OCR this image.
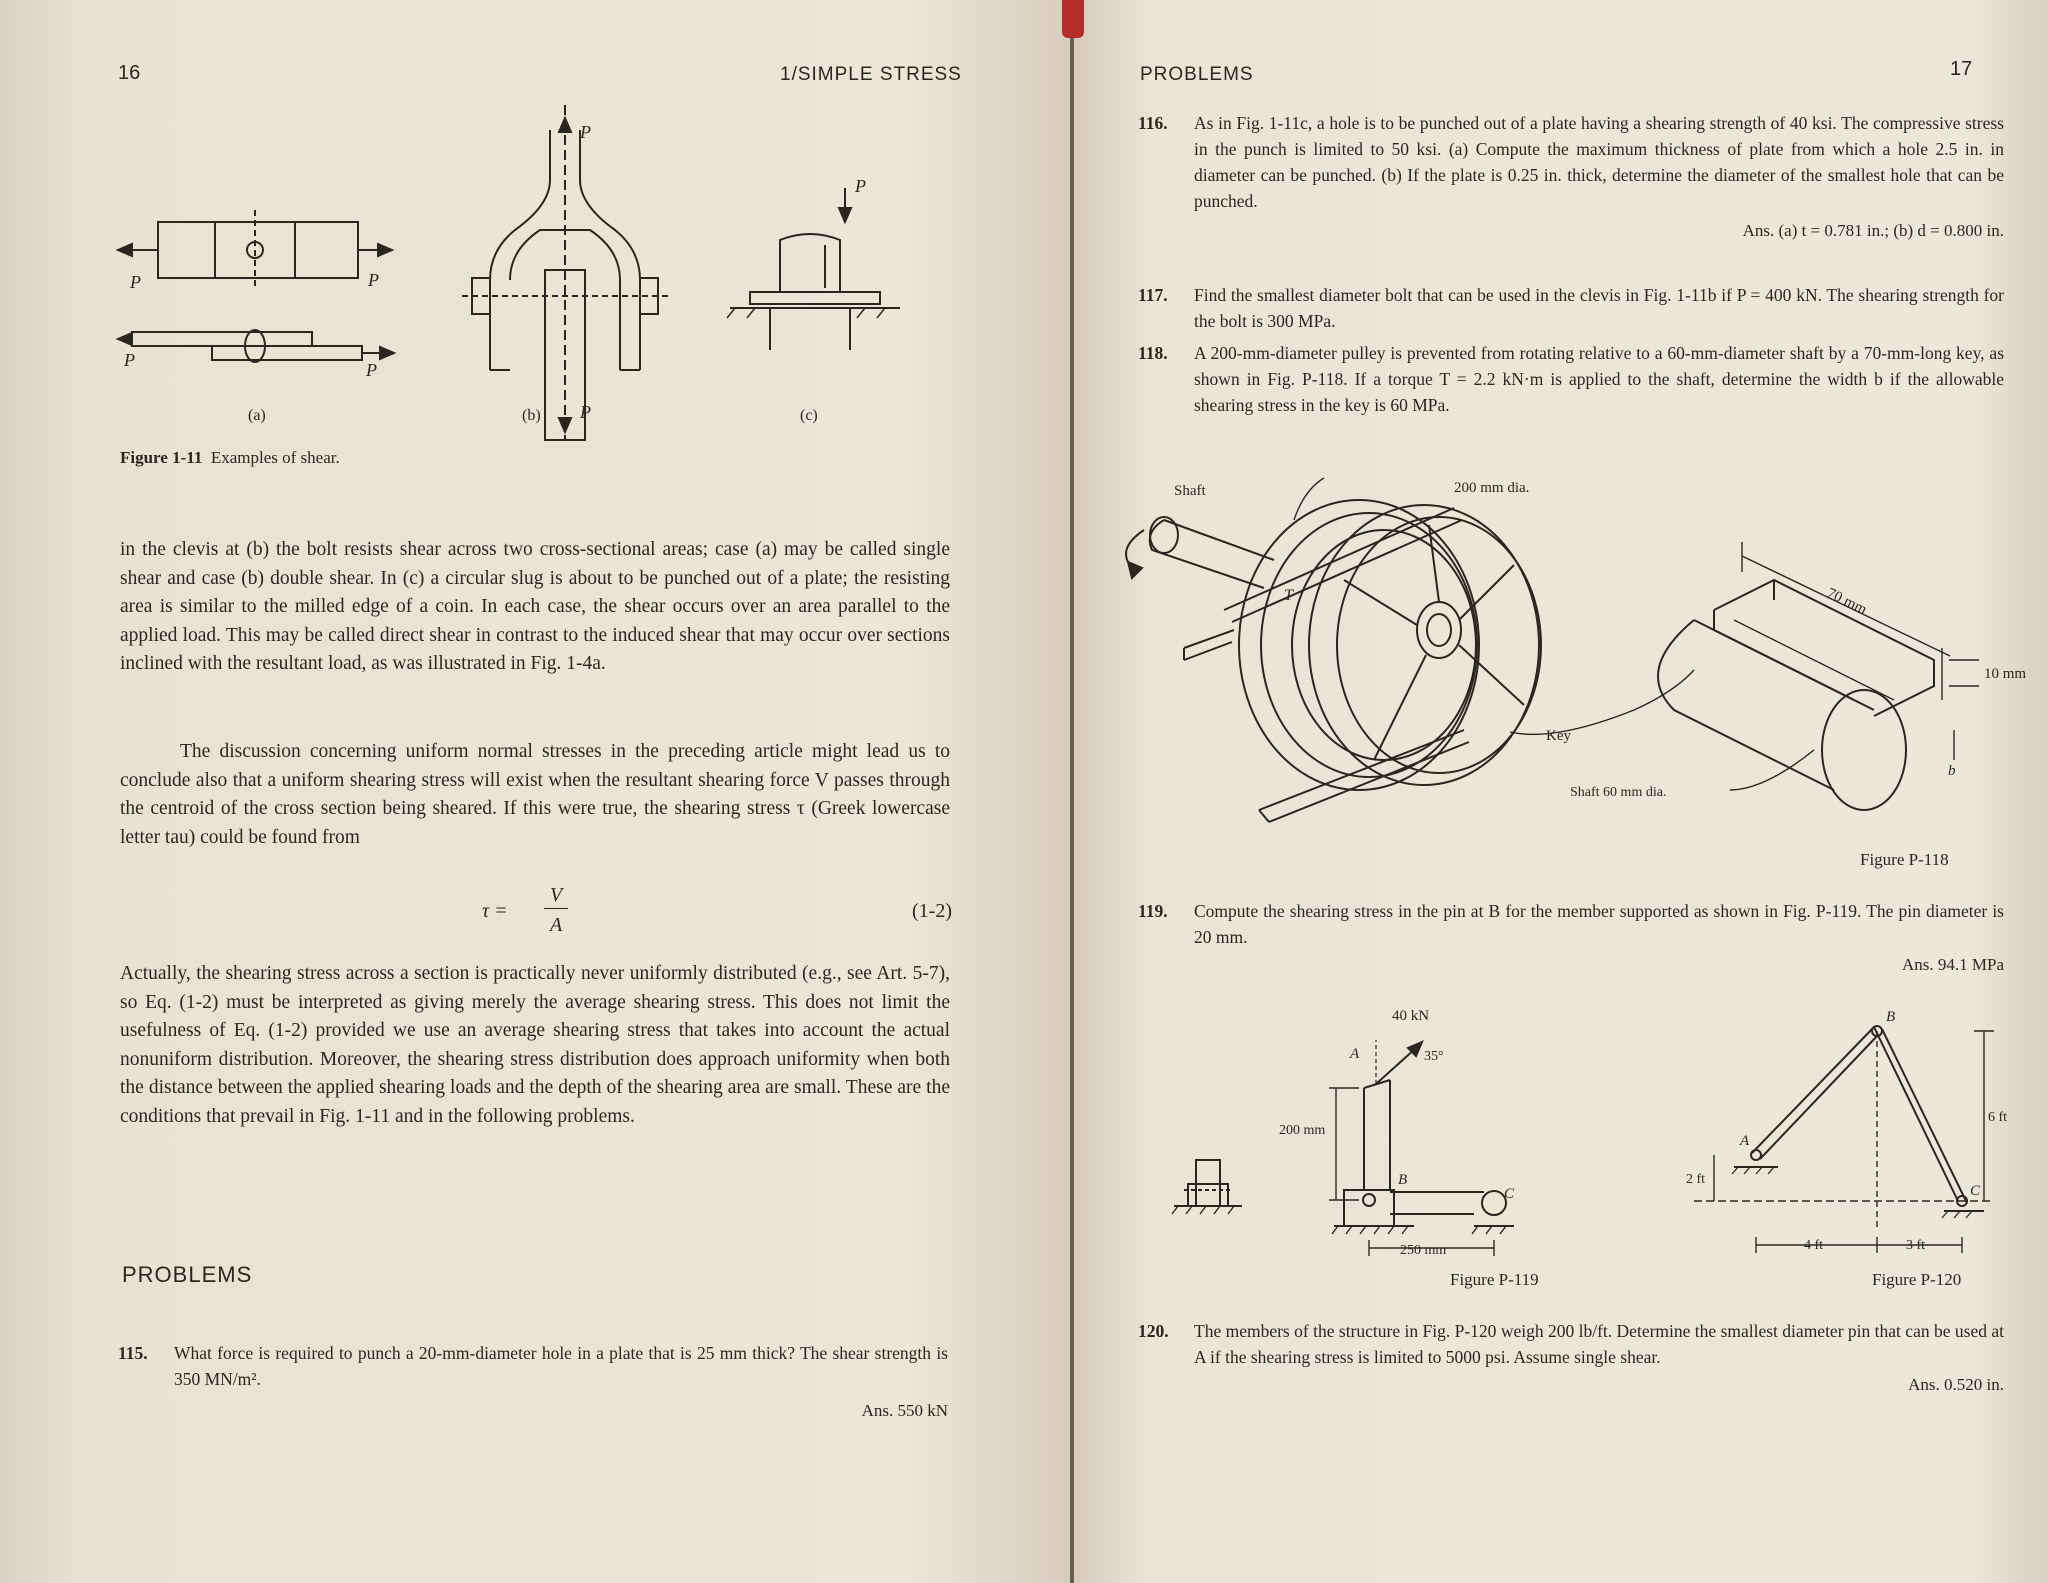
16	1/SIMPLE STRESS
P	P
P	P
P
P
P
(a)	(b)	(c)
Figure 1-11 Examples of shear.

in the clevis at (b) the bolt resists shear across two cross-sectional areas; case (a) may be called single shear and case (b) double shear. In (c) a circular slug is about to be punched out of a plate; the resisting area is similar to the milled edge of a coin. In each case, the shear occurs over an area parallel to the applied load. This may be called direct shear in contrast to the induced shear that may occur over sections inclined with the resultant load, as was illustrated in Fig. 1-4a.

The discussion concerning uniform normal stresses in the preceding article might lead us to conclude also that a uniform shearing stress will exist when the resultant shearing force V passes through the centroid of the cross section being sheared. If this were true, the shearing stress τ (Greek lowercase letter tau) could be found from

τ =
V
A
(1-2)

Actually, the shearing stress across a section is practically never uniformly distributed (e.g., see Art. 5-7), so Eq. (1-2) must be interpreted as giving merely the average shearing stress. This does not limit the usefulness of Eq. (1-2) provided we use an average shearing stress that takes into account the actual nonuniform distribution. Moreover, the shearing stress distribution does approach uniformity when both the distance between the applied shearing loads and the depth of the shearing area are small. These are the conditions that prevail in Fig. 1-11 and in the following problems.

PROBLEMS
115. What force is required to punch a 20-mm-diameter hole in a plate that is 25 mm thick? The shear strength is 350 MN/m².
Ans. 550 kN
PROBLEMS	17
116. As in Fig. 1-11c, a hole is to be punched out of a plate having a shearing strength of 40 ksi. The compressive stress in the punch is limited to 50 ksi. (a) Compute the maximum thickness of plate from which a hole 2.5 in. in diameter can be punched. (b) If the plate is 0.25 in. thick, determine the diameter of the smallest hole that can be punched.
Ans. (a) t = 0.781 in.; (b) d = 0.800 in.
117. Find the smallest diameter bolt that can be used in the clevis in Fig. 1-11b if P = 400 kN. The shearing strength for the bolt is 300 MPa.
118. A 200-mm-diameter pulley is prevented from rotating relative to a 60-mm-diameter shaft by a 70-mm-long key, as shown in Fig. P-118. If a torque T = 2.2 kN·m is applied to the shaft, determine the width b if the allowable shearing stress in the key is 60 MPa.
Shaft	200 mm dia.
T	70 mm
10 mm
Key
b
Shaft 60 mm dia.
Figure P-118
119. Compute the shearing stress in the pin at B for the member supported as shown in Fig. P-119. The pin diameter is 20 mm.
Ans. 94.1 MPa
40 kN
35°
A
B
C
200 mm
250 mm
Figure P-119
B
A
C
6 ft
2 ft
4 ft	3 ft
Figure P-120
120. The members of the structure in Fig. P-120 weigh 200 lb/ft. Determine the smallest diameter pin that can be used at A if the shearing stress is limited to 5000 psi. Assume single shear.
Ans. 0.520 in.
